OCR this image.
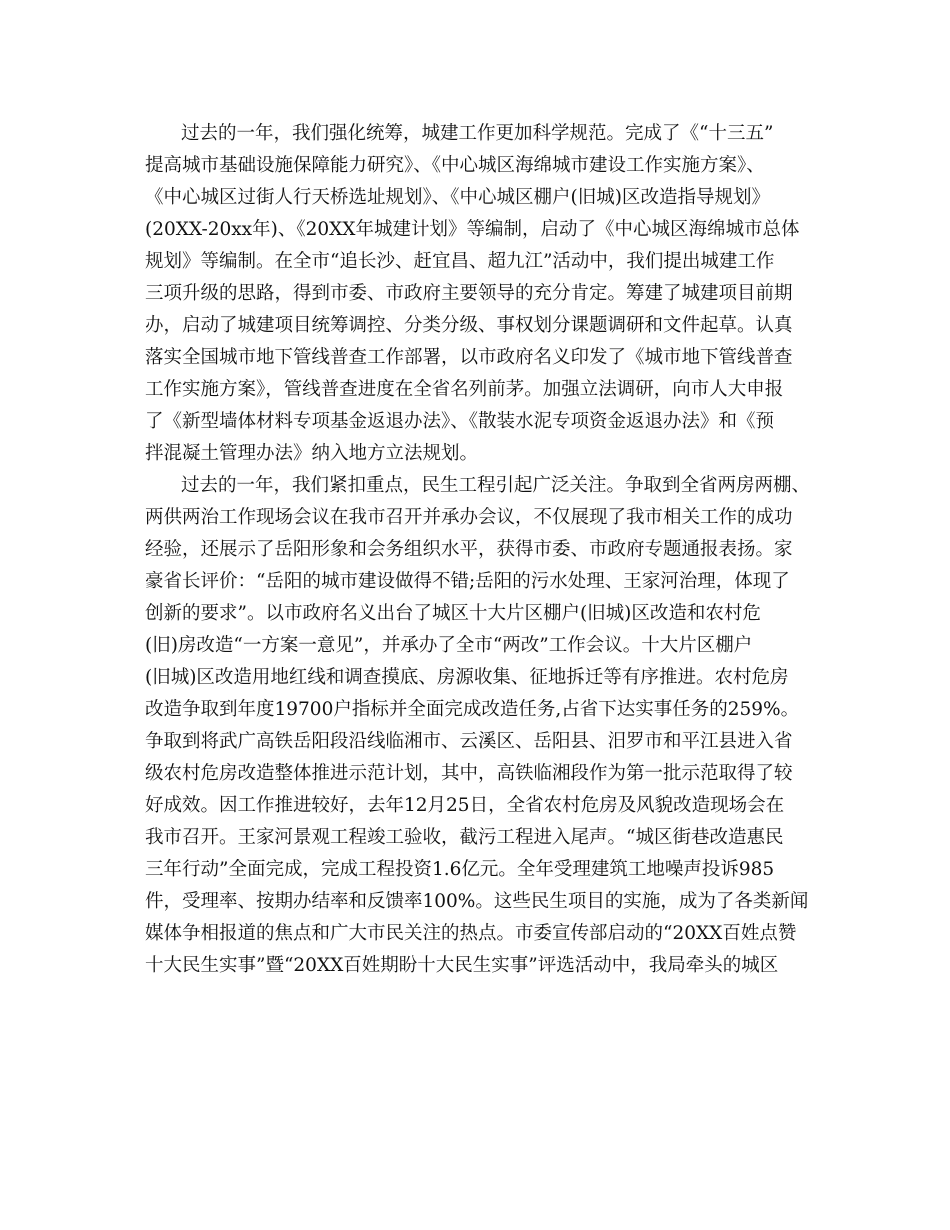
过去的一年，我们强化统筹，城建工作更加科学规范。完成了《“十三五”
提高城市基础设施保障能力研究》、《中心城区海绵城市建设工作实施方案》、
《中心城区过街人行天桥选址规划》、《中心城区棚户(旧城)区改造指导规划》
(20XX-20xx年)、《20XX年城建计划》等编制，启动了《中心城区海绵城市总体
规划》等编制。在全市“追长沙、赶宜昌、超九江”活动中，我们提出城建工作
三项升级的思路，得到市委、市政府主要领导的充分肯定。筹建了城建项目前期
办，启动了城建项目统筹调控、分类分级、事权划分课题调研和文件起草。认真
落实全国城市地下管线普查工作部署，以市政府名义印发了《城市地下管线普查
工作实施方案》，管线普查进度在全省名列前茅。加强立法调研，向市人大申报
了《新型墙体材料专项基金返退办法》、《散装水泥专项资金返退办法》和《预
拌混凝土管理办法》纳入地方立法规划。
过去的一年，我们紧扣重点，民生工程引起广泛关注。争取到全省两房两棚、
两供两治工作现场会议在我市召开并承办会议，不仅展现了我市相关工作的成功
经验，还展示了岳阳形象和会务组织水平，获得市委、市政府专题通报表扬。家
豪省长评价：“岳阳的城市建设做得不错;岳阳的污水处理、王家河治理，体现了
创新的要求”。以市政府名义出台了城区十大片区棚户(旧城)区改造和农村危
(旧)房改造“一方案一意见”，并承办了全市“两改”工作会议。十大片区棚户
(旧城)区改造用地红线和调查摸底、房源收集、征地拆迁等有序推进。农村危房
改造争取到年度19700户指标并全面完成改造任务,占省下达实事任务的259%。
争取到将武广高铁岳阳段沿线临湘市、云溪区、岳阳县、汨罗市和平江县进入省
级农村危房改造整体推进示范计划，其中，高铁临湘段作为第一批示范取得了较
好成效。因工作推进较好，去年12月25日，全省农村危房及风貌改造现场会在
我市召开。王家河景观工程竣工验收，截污工程进入尾声。“城区街巷改造惠民
三年行动”全面完成，完成工程投资1.6亿元。全年受理建筑工地噪声投诉985
件，受理率、按期办结率和反馈率100%。这些民生项目的实施，成为了各类新闻
媒体争相报道的焦点和广大市民关注的热点。市委宣传部启动的“20XX百姓点赞
十大民生实事”暨“20XX百姓期盼十大民生实事”评选活动中，我局牵头的城区
